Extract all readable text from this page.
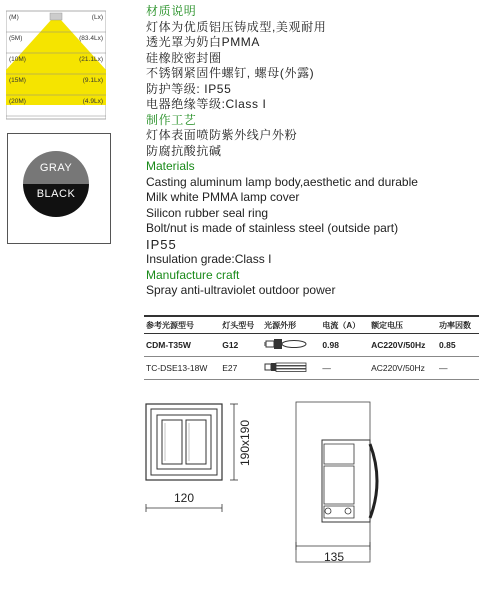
(M)	(Lx)
(5M)	(83.4Lx)
(10M)	(21.1Lx)
(15M)	(9.1Lx)
(20M)	(4.9Lx)
GRAY
BLACK
材质说明
灯体为优质铝压铸成型,美观耐用
透光罩为奶白PMMA
硅橡胶密封圈
不锈钢紧固件螺钉, 螺母(外露)
防护等级: IP55
电器绝缘等级:Class I
制作工艺
灯体表面喷防紫外线户外粉
防腐抗酸抗碱
Materials
Casting aluminum lamp body,aesthetic and durable
Milk white PMMA lamp cover
Silicon rubber seal ring
Bolt/nut is made of stainless steel (outside part)
IP55
Insulation grade:Class I
Manufacture craft
Spray anti-ultraviolet outdoor power
参考光源型号	灯头型号	光源外形	电流（A）	额定电压	功率因数
CDM-T35W	G12		0.98	AC220V/50Hz	0.85
TC-DSE13-18W	E27		—	AC220V/50Hz	—
120
190x190
135
